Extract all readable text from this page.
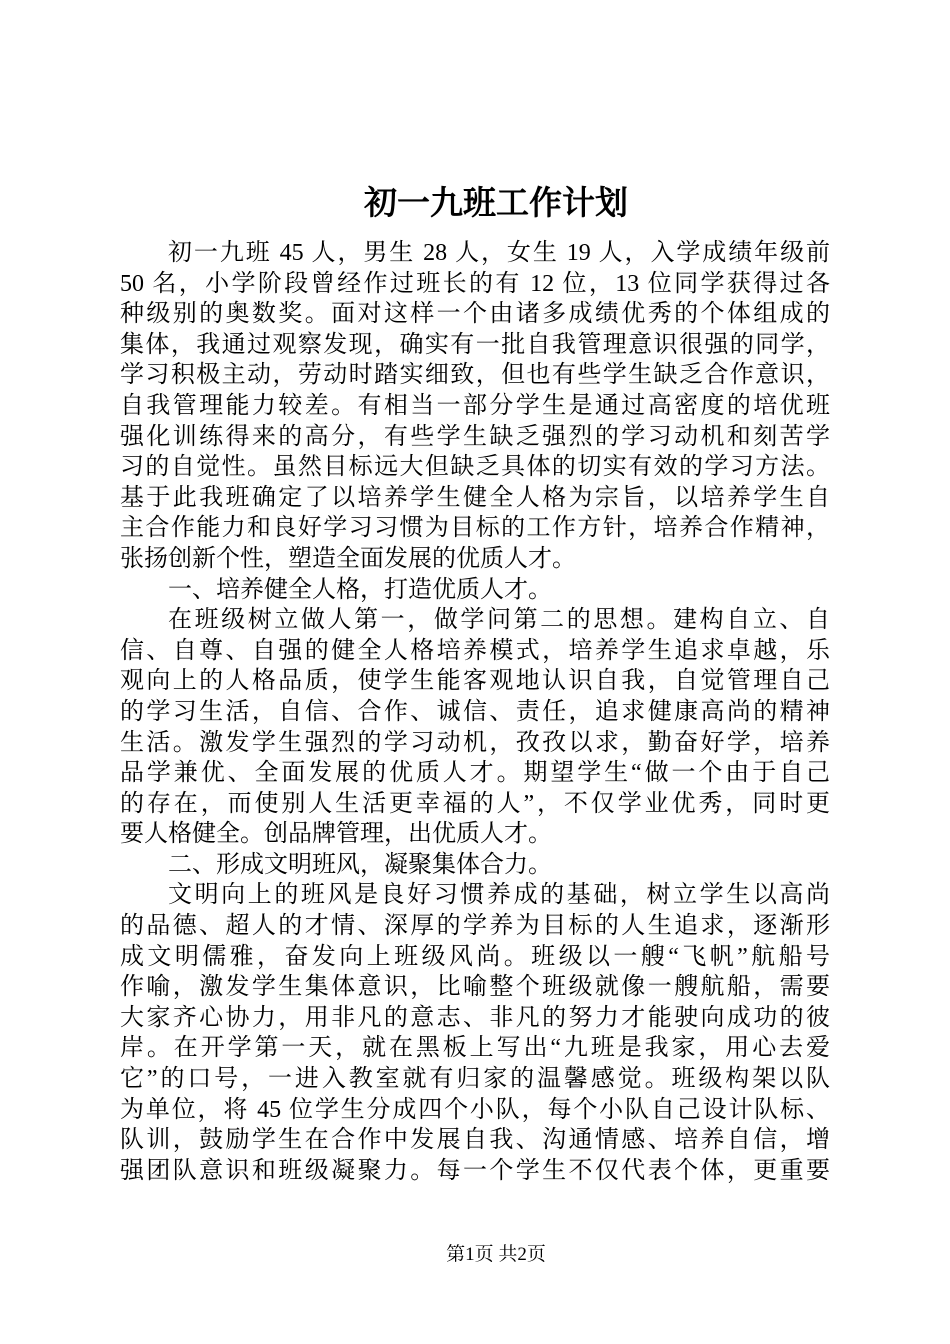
初一九班工作计划
初一九班 45 人，男生 28 人，女生 19 人，入学成绩年级前
50 名，小学阶段曾经作过班长的有 12 位，13 位同学获得过各
种级别的奥数奖。面对这样一个由诸多成绩优秀的个体组成的
集体，我通过观察发现，确实有一批自我管理意识很强的同学，
学习积极主动，劳动时踏实细致，但也有些学生缺乏合作意识，
自我管理能力较差。有相当一部分学生是通过高密度的培优班
强化训练得来的高分，有些学生缺乏强烈的学习动机和刻苦学
习的自觉性。虽然目标远大但缺乏具体的切实有效的学习方法。
基于此我班确定了以培养学生健全人格为宗旨，以培养学生自
主合作能力和良好学习习惯为目标的工作方针，培养合作精神，
张扬创新个性，塑造全面发展的优质人才。
一、培养健全人格，打造优质人才。
在班级树立做人第一，做学问第二的思想。建构自立、自
信、自尊、自强的健全人格培养模式，培养学生追求卓越，乐
观向上的人格品质，使学生能客观地认识自我，自觉管理自己
的学习生活，自信、合作、诚信、责任，追求健康高尚的精神
生活。激发学生强烈的学习动机，孜孜以求，勤奋好学，培养
品学兼优、全面发展的优质人才。期望学生“做一个由于自己
的存在，而使别人生活更幸福的人”，不仅学业优秀，同时更
要人格健全。创品牌管理，出优质人才。
二、形成文明班风，凝聚集体合力。
文明向上的班风是良好习惯养成的基础，树立学生以高尚
的品德、超人的才情、深厚的学养为目标的人生追求，逐渐形
成文明儒雅，奋发向上班级风尚。班级以一艘“飞帆”航船号
作喻，激发学生集体意识，比喻整个班级就像一艘航船，需要
大家齐心协力，用非凡的意志、非凡的努力才能驶向成功的彼
岸。在开学第一天，就在黑板上写出“九班是我家，用心去爱
它”的口号，一进入教室就有归家的温馨感觉。班级构架以队
为单位，将 45 位学生分成四个小队，每个小队自己设计队标、
队训，鼓励学生在合作中发展自我、沟通情感、培养自信，增
强团队意识和班级凝聚力。每一个学生不仅代表个体，更重要
第1页 共2页
